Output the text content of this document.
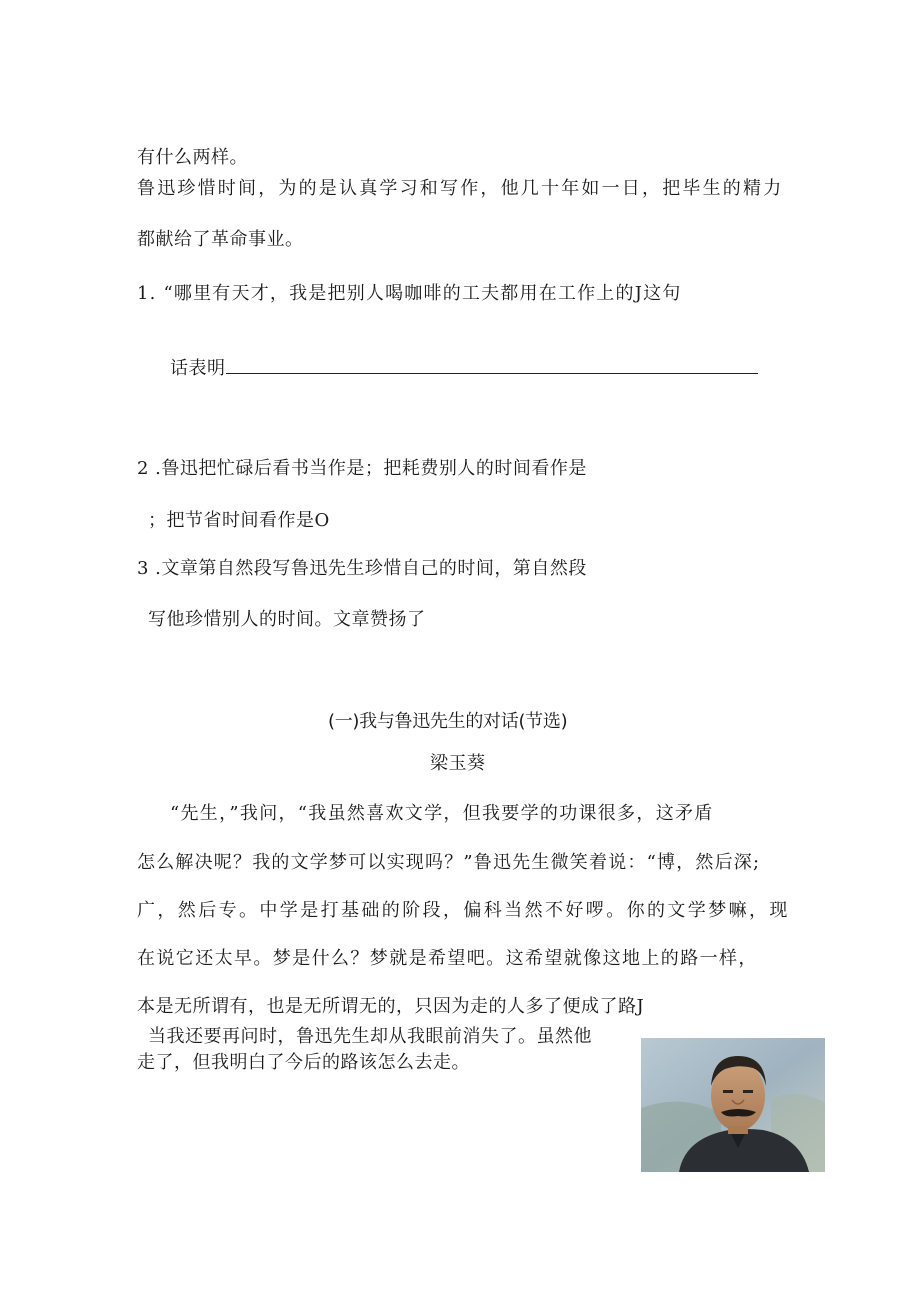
有什么两样。
鲁迅珍惜时间，为的是认真学习和写作，他几十年如一日，把毕生的精力
都献给了革命事业。
1. “哪里有天才，我是把别人喝咖啡的工夫都用在工作上的J这句
话表明
2 .鲁迅把忙碌后看书当作是；把耗费别人的时间看作是
；把节省时间看作是O
3 .文章第自然段写鲁迅先生珍惜自己的时间，第自然段
写他珍惜别人的时间。文章赞扬了
(一)我与鲁迅先生的对话(节选)
梁玉葵
“先生，”我问，“我虽然喜欢文学，但我要学的功课很多，这矛盾
怎么解决呢？我的文学梦可以实现吗？”鲁迅先生微笑着说：“博，然后深;
广，然后专。中学是打基础的阶段，偏科当然不好啰。你的文学梦嘛，现
在说它还太早。梦是什么？梦就是希望吧。这希望就像这地上的路一样，
本是无所谓有，也是无所谓无的，只因为走的人多了便成了路J
当我还要再问时，鲁迅先生却从我眼前消失了。虽然他
走了，但我明白了今后的路该怎么去走。
